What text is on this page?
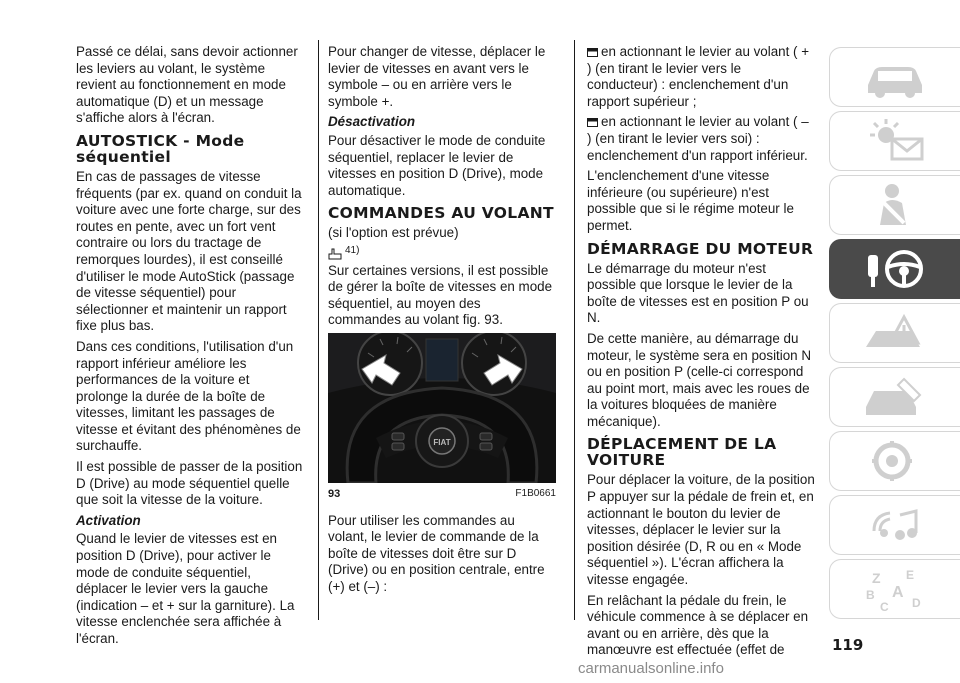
Passé ce délai, sans devoir actionner les leviers au volant, le système revient au fonctionnement en mode automatique (D) et un message s'affiche alors à l'écran.

AUTOSTICK - Mode séquentiel

En cas de passages de vitesse fréquents (par ex. quand on conduit la voiture avec une forte charge, sur des routes en pente, avec un fort vent contraire ou lors du tractage de remorques lourdes), il est conseillé d'utiliser le mode AutoStick (passage de vitesse séquentiel) pour sélectionner et maintenir un rapport fixe plus bas.

Dans ces conditions, l'utilisation d'un rapport inférieur améliore les performances de la voiture et prolonge la durée de la boîte de vitesses, limitant les passages de vitesse et évitant des phénomènes de surchauffe.

Il est possible de passer de la position D (Drive) au mode séquentiel quelle que soit la vitesse de la voiture.

Activation

Quand le levier de vitesses est en position D (Drive), pour activer le mode de conduite séquentiel, déplacer le levier vers la gauche (indication – et + sur la garniture). La vitesse enclenchée sera affichée à l'écran.

Pour changer de vitesse, déplacer le levier de vitesses en avant vers le symbole – ou en arrière vers le symbole +.

Désactivation

Pour désactiver le mode de conduite séquentiel, replacer le levier de vitesses en position D (Drive), mode automatique.

COMMANDES AU VOLANT

(si l'option est prévue)

41)

Sur certaines versions, il est possible de gérer la boîte de vitesses en mode séquentiel, au moyen des commandes au volant fig. 93.

FIAT
93	F1B0661

Pour utiliser les commandes au volant, le levier de commande de la boîte de vitesses doit être sur D (Drive) ou en position centrale, entre (+) et (–) :

en actionnant le levier au volant ( + ) (en tirant le levier vers le conducteur) : enclenchement d'un rapport supérieur ;

en actionnant le levier au volant ( – ) (en tirant le levier vers soi) : enclenchement d'un rapport inférieur.

L'enclenchement d'une vitesse inférieure (ou supérieure) n'est possible que si le régime moteur le permet.

DÉMARRAGE DU MOTEUR

Le démarrage du moteur n'est possible que lorsque le levier de la boîte de vitesses est en position P ou N.

De cette manière, au démarrage du moteur, le système sera en position N ou en position P (celle-ci correspond au point mort, mais avec les roues de la voitures bloquées de manière mécanique).

DÉPLACEMENT DE LA VOITURE

Pour déplacer la voiture, de la position P appuyer sur la pédale de frein et, en actionnant le bouton du levier de vitesses, déplacer le levier sur la position désirée (D, R ou en « Mode séquentiel »). L'écran affichera la vitesse engagée.

En relâchant la pédale du frein, le véhicule commence à se déplacer en avant ou en arrière, dès que la manœuvre est effectuée (effet de	119
Z E
B A
C D
carmanualsonline.info
